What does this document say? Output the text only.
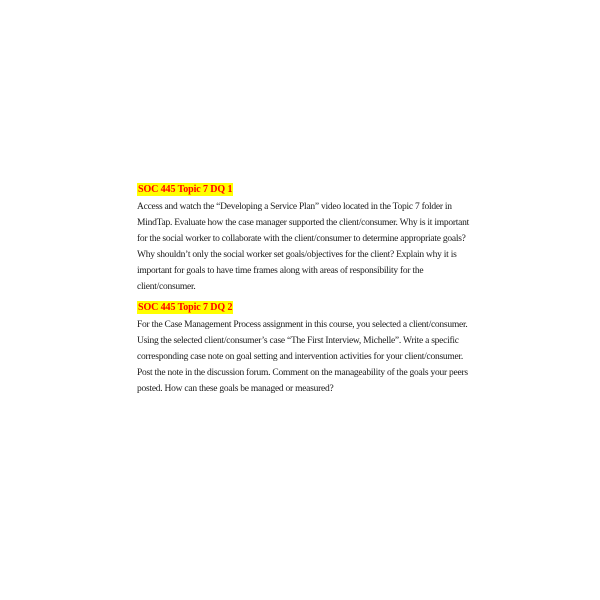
SOC 445 Topic 7 DQ 1
Access and watch the “Developing a Service Plan” video located in the Topic 7 folder in
MindTap. Evaluate how the case manager supported the client/consumer. Why is it important
for the social worker to collaborate with the client/consumer to determine appropriate goals?
Why shouldn’t only the social worker set goals/objectives for the client? Explain why it is
important for goals to have time frames along with areas of responsibility for the
client/consumer.
SOC 445 Topic 7 DQ 2
For the Case Management Process assignment in this course, you selected a client/consumer.
Using the selected client/consumer’s case “The First Interview, Michelle”. Write a specific
corresponding case note on goal setting and intervention activities for your client/consumer.
Post the note in the discussion forum. Comment on the manageability of the goals your peers
posted. How can these goals be managed or measured?
